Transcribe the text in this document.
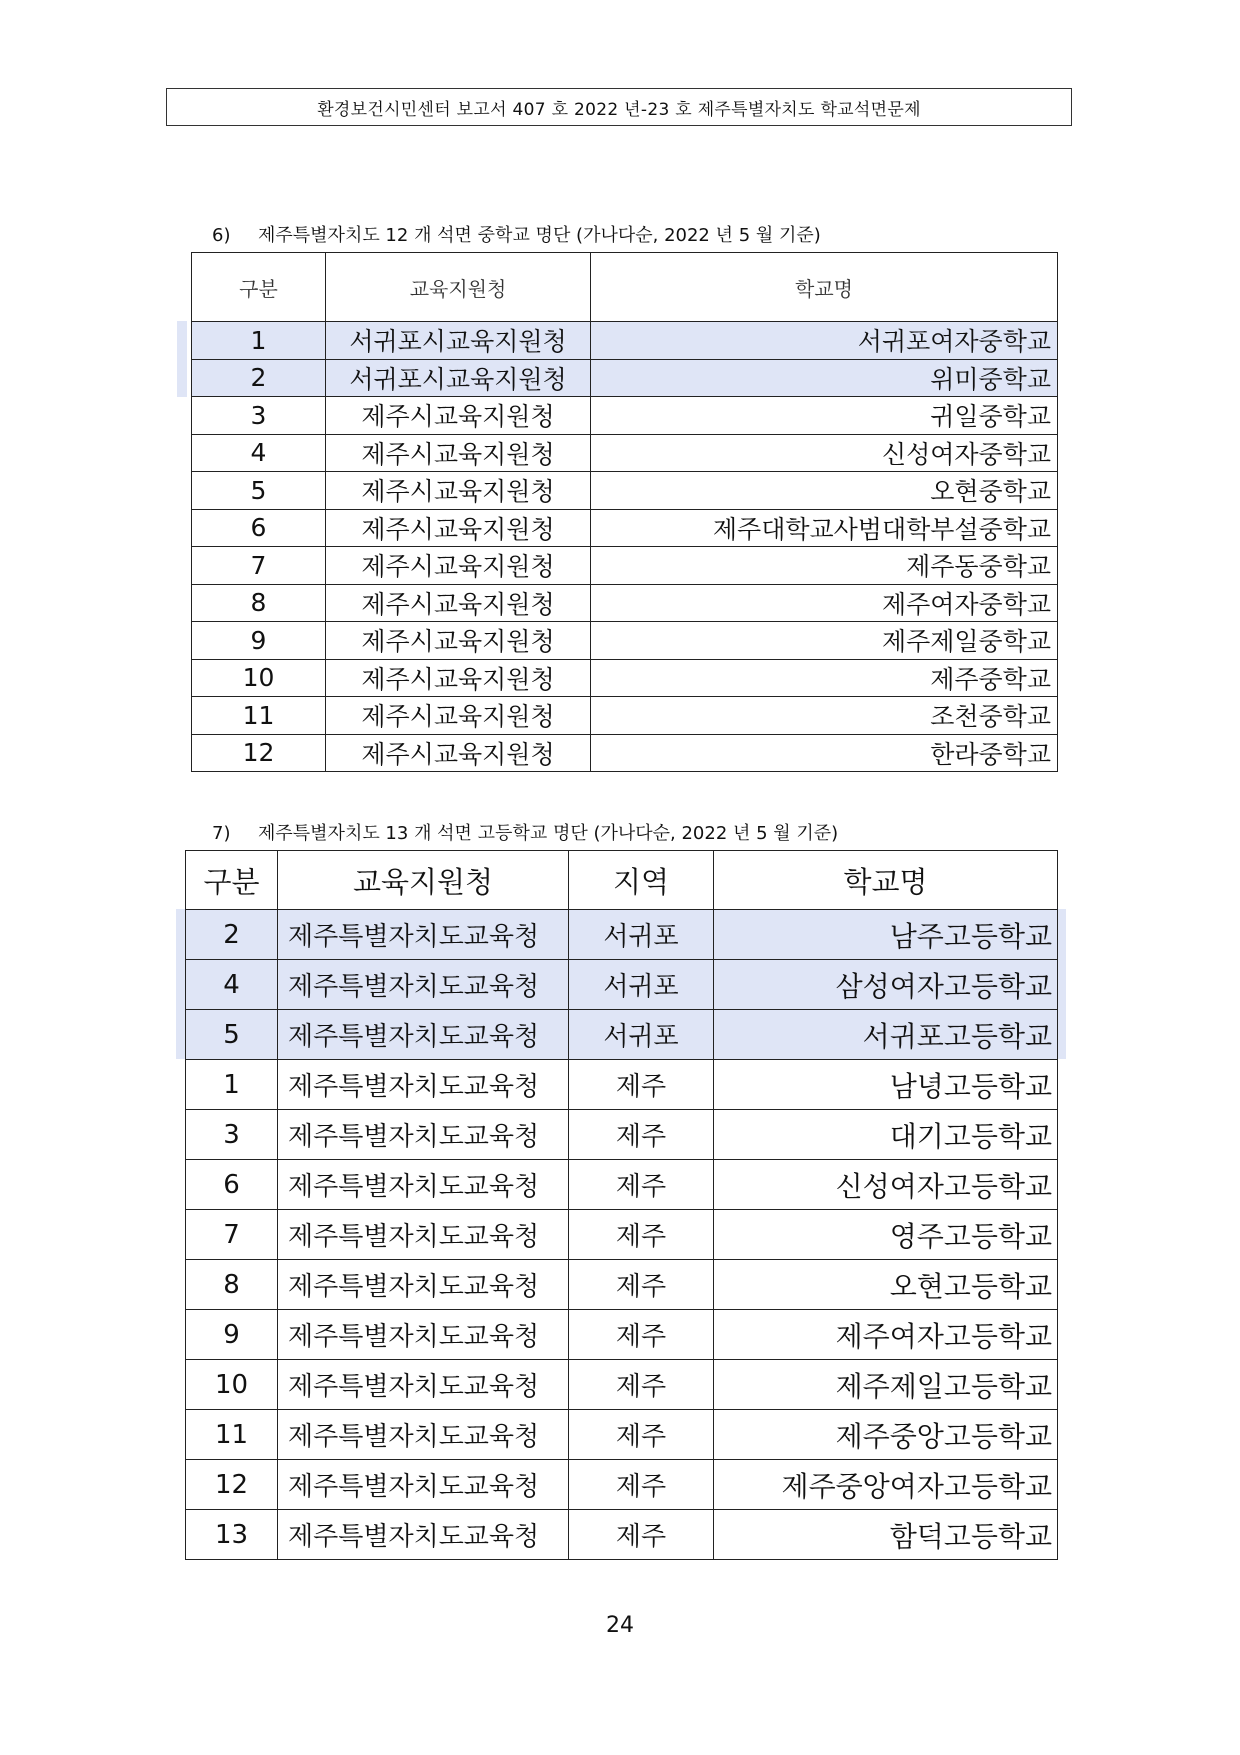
환경보건시민센터 보고서 407 호 2022 년-23 호 제주특별자치도 학교석면문제
6) 제주특별자치도 12 개 석면 중학교 명단 (가나다순, 2022 년 5 월 기준)
구분	교육지원청	학교명
1	서귀포시교육지원청	서귀포여자중학교
2	서귀포시교육지원청	위미중학교
3	제주시교육지원청	귀일중학교
4	제주시교육지원청	신성여자중학교
5	제주시교육지원청	오현중학교
6	제주시교육지원청	제주대학교사범대학부설중학교
7	제주시교육지원청	제주동중학교
8	제주시교육지원청	제주여자중학교
9	제주시교육지원청	제주제일중학교
10	제주시교육지원청	제주중학교
11	제주시교육지원청	조천중학교
12	제주시교육지원청	한라중학교
7) 제주특별자치도 13 개 석면 고등학교 명단 (가나다순, 2022 년 5 월 기준)
구분	교육지원청	지역	학교명
2	제주특별자치도교육청	서귀포	남주고등학교
4	제주특별자치도교육청	서귀포	삼성여자고등학교
5	제주특별자치도교육청	서귀포	서귀포고등학교
1	제주특별자치도교육청	제주	남녕고등학교
3	제주특별자치도교육청	제주	대기고등학교
6	제주특별자치도교육청	제주	신성여자고등학교
7	제주특별자치도교육청	제주	영주고등학교
8	제주특별자치도교육청	제주	오현고등학교
9	제주특별자치도교육청	제주	제주여자고등학교
10	제주특별자치도교육청	제주	제주제일고등학교
11	제주특별자치도교육청	제주	제주중앙고등학교
12	제주특별자치도교육청	제주	제주중앙여자고등학교
13	제주특별자치도교육청	제주	함덕고등학교
24
